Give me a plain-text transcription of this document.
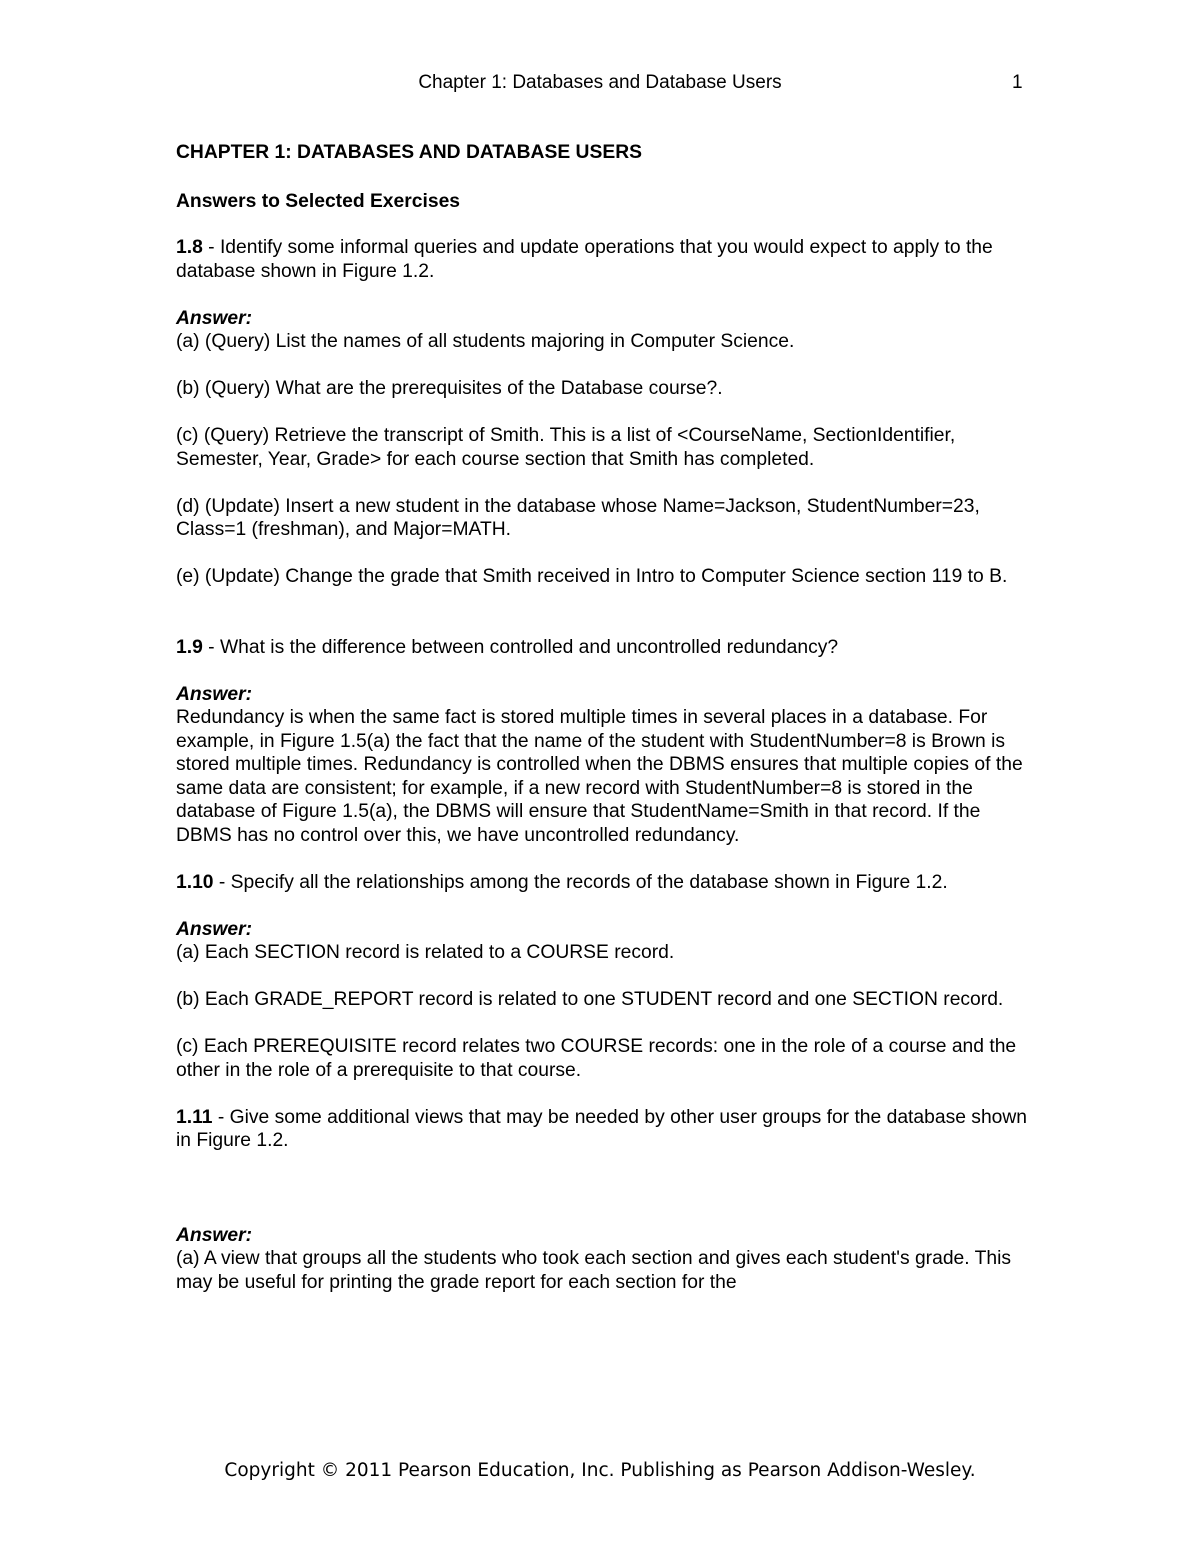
Chapter 1: Databases and Database Users	1

CHAPTER 1: DATABASES AND DATABASE USERS

Answers to Selected Exercises

1.8 - Identify some informal queries and update operations that you would expect to apply to the database shown in Figure 1.2.

Answer:

(a) (Query) List the names of all students majoring in Computer Science.

(b) (Query) What are the prerequisites of the Database course?.

(c) (Query) Retrieve the transcript of Smith. This is a list of <CourseName, SectionIdentifier, Semester, Year, Grade> for each course section that Smith has completed.

(d) (Update) Insert a new student in the database whose Name=Jackson, StudentNumber=23, Class=1 (freshman), and Major=MATH.

(e) (Update) Change the grade that Smith received in Intro to Computer Science section 119 to B.

1.9 - What is the difference between controlled and uncontrolled redundancy?

Answer:

Redundancy is when the same fact is stored multiple times in several places in a database. For example, in Figure 1.5(a) the fact that the name of the student with StudentNumber=8 is Brown is stored multiple times. Redundancy is controlled when the DBMS ensures that multiple copies of the same data are consistent; for example, if a new record with StudentNumber=8 is stored in the database of Figure 1.5(a), the DBMS will ensure that StudentName=Smith in that record. If the DBMS has no control over this, we have uncontrolled redundancy.

1.10 - Specify all the relationships among the records of the database shown in Figure 1.2.

Answer:

(a) Each SECTION record is related to a COURSE record.

(b) Each GRADE_REPORT record is related to one STUDENT record and one SECTION record.

(c) Each PREREQUISITE record relates two COURSE records: one in the role of a course and the other in the role of a prerequisite to that course.

1.11 - Give some additional views that may be needed by other user groups for the database shown in Figure 1.2.

Answer:

(a) A view that groups all the students who took each section and gives each student's grade. This may be useful for printing the grade report for each section for the

Copyright © 2011 Pearson Education, Inc. Publishing as Pearson Addison-Wesley.
